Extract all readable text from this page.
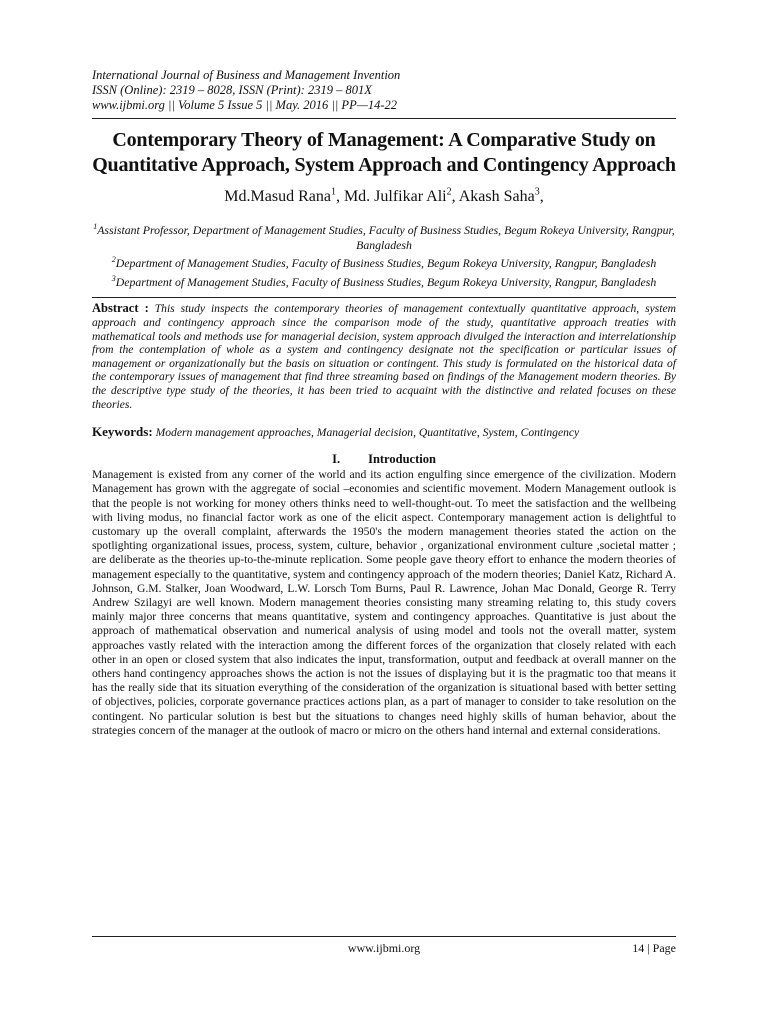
International Journal of Business and Management Invention
ISSN (Online): 2319 – 8028, ISSN (Print): 2319 – 801X
www.ijbmi.org || Volume 5 Issue 5 || May. 2016 || PP—14-22
Contemporary Theory of Management: A Comparative Study on Quantitative Approach, System Approach and Contingency Approach
Md.Masud Rana$^1$, Md. Julfikar Ali$^2$, Akash Saha$^3$,
$^1$Assistant Professor, Department of Management Studies, Faculty of Business Studies, Begum Rokeya University, Rangpur, Bangladesh
$^2$Department of Management Studies, Faculty of Business Studies, Begum Rokeya University, Rangpur, Bangladesh
$^3$Department of Management Studies, Faculty of Business Studies, Begum Rokeya University, Rangpur, Bangladesh
Abstract : This study inspects the contemporary theories of management contextually quantitative approach, system approach and contingency approach since the comparison mode of the study, quantitative approach treaties with mathematical tools and methods use for managerial decision, system approach divulged the interaction and interrelationship from the contemplation of whole as a system and contingency designate not the specification or particular issues of management or organizationally but the basis on situation or contingent. This study is formulated on the historical data of the contemporary issues of management that find three streaming based on findings of the Management modern theories. By the descriptive type study of the theories, it has been tried to acquaint with the distinctive and related focuses on these theories.
Keywords: Modern management approaches, Managerial decision, Quantitative, System, Contingency
I. Introduction
Management is existed from any corner of the world and its action engulfing since emergence of the civilization. Modern Management has grown with the aggregate of social –economies and scientific movement. Modern Management outlook is that the people is not working for money others thinks need to well-thought-out. To meet the satisfaction and the wellbeing with living modus, no financial factor work as one of the elicit aspect. Contemporary management action is delightful to customary up the overall complaint, afterwards the 1950's the modern management theories stated the action on the spotlighting organizational issues, process, system, culture, behavior , organizational environment culture ,societal matter ; are deliberate as the theories up-to-the-minute replication. Some people gave theory effort to enhance the modern theories of management especially to the quantitative, system and contingency approach of the modern theories; Daniel Katz, Richard A. Johnson, G.M. Stalker, Joan Woodward, L.W. Lorsch Tom Burns, Paul R. Lawrence, Johan Mac Donald, George R. Terry Andrew Szilagyi are well known. Modern management theories consisting many streaming relating to, this study covers mainly major three concerns that means quantitative, system and contingency approaches. Quantitative is just about the approach of mathematical observation and numerical analysis of using model and tools not the overall matter, system approaches vastly related with the interaction among the different forces of the organization that closely related with each other in an open or closed system that also indicates the input, transformation, output and feedback at overall manner on the others hand contingency approaches shows the action is not the issues of displaying but it is the pragmatic too that means it has the really side that its situation everything of the consideration of the organization is situational based with better setting of objectives, policies, corporate governance practices actions plan, as a part of manager to consider to take resolution on the contingent. No particular solution is best but the situations to changes need highly skills of human behavior, about the strategies concern of the manager at the outlook of macro or micro on the others hand internal and external considerations.
www.ijbmi.org	14 | Page
